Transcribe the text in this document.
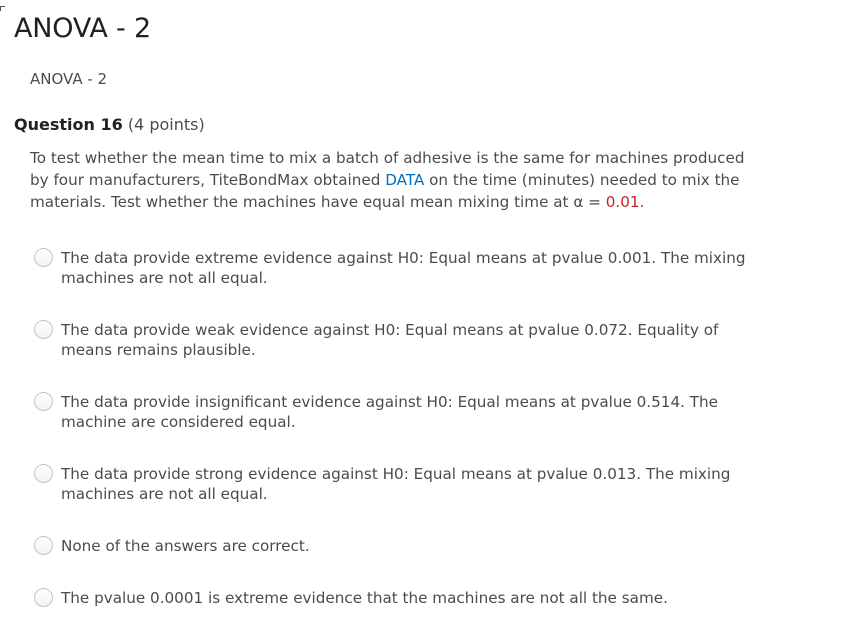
ANOVA - 2
ANOVA - 2
Question 16 (4 points)

To test whether the mean time to mix a batch of adhesive is the same for machines produced by four manufacturers, TiteBondMax obtained DATA on the time (minutes) needed to mix the materials. Test whether the machines have equal mean mixing time at α = 0.01.

The data provide extreme evidence against H0: Equal means at pvalue 0.001. The mixing machines are not all equal.
The data provide weak evidence against H0: Equal means at pvalue 0.072. Equality of means remains plausible.
The data provide insignificant evidence against H0: Equal means at pvalue 0.514. The machine are considered equal.
The data provide strong evidence against H0: Equal means at pvalue 0.013. The mixing machines are not all equal.
None of the answers are correct.
The pvalue 0.0001 is extreme evidence that the machines are not all the same.
